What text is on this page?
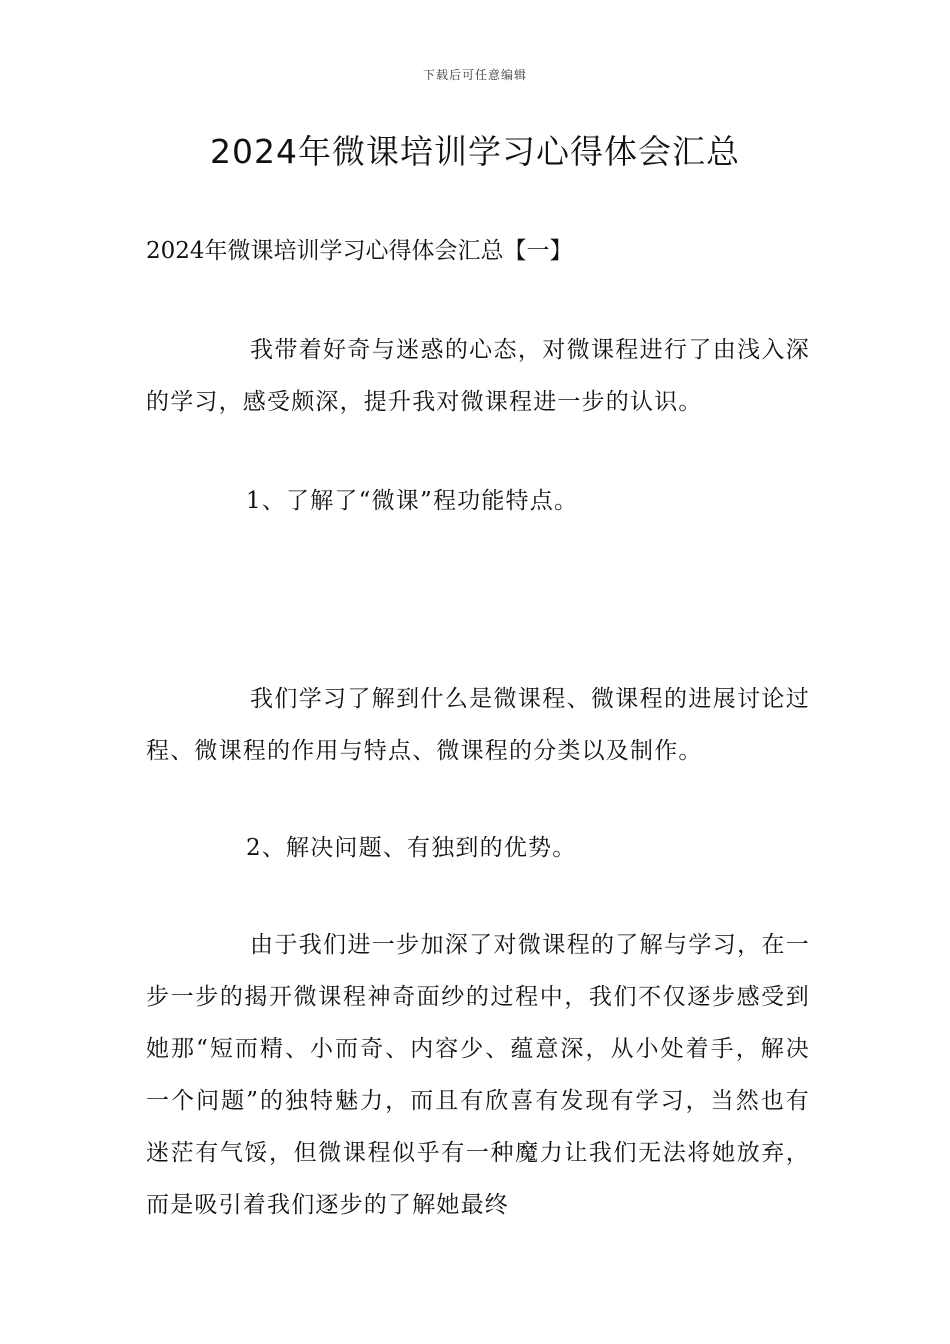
下载后可任意编辑
2024年微课培训学习心得体会汇总
2024年微课培训学习心得体会汇总【一】

我带着好奇与迷惑的心态，对微课程进行了由浅入深的学习，感受颇深，提升我对微课程进一步的认识。

1、了解了“微课”程功能特点。

我们学习了解到什么是微课程、微课程的进展讨论过程、微课程的作用与特点、微课程的分类以及制作。

2、解决问题、有独到的优势。

由于我们进一步加深了对微课程的了解与学习，在一步一步的揭开微课程神奇面纱的过程中，我们不仅逐步感受到她那“短而精、小而奇、内容少、蕴意深，从小处着手，解决一个问题”的独特魅力，而且有欣喜有发现有学习，当然也有迷茫有气馁，但微课程似乎有一种魔力让我们无法将她放弃，而是吸引着我们逐步的了解她最终
